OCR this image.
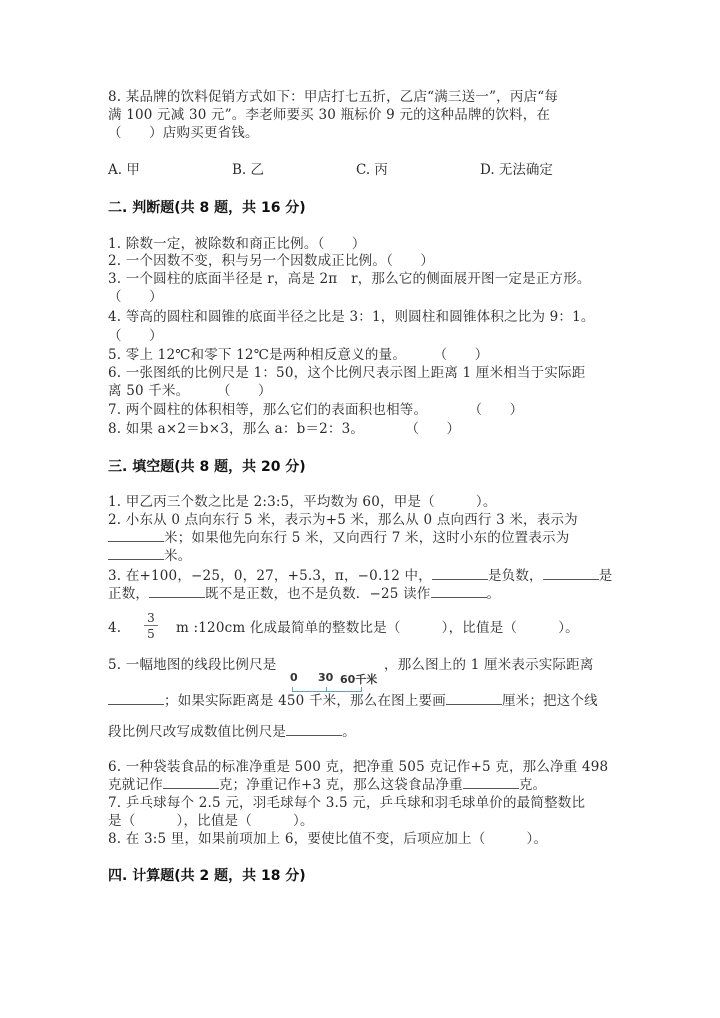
8. 某品牌的饮料促销方式如下：甲店打七五折，乙店“满三送一”，丙店“每
满 100 元减 30 元”。李老师要买 30 瓶标价 9 元的这种品牌的饮料，在
（　　）店购买更省钱。
A. 甲	B. 乙	C. 丙	D. 无法确定
二. 判断题(共 8 题，共 16 分)
1. 除数一定，被除数和商正比例。（　　）
2. 一个因数不变，积与另一个因数成正比例。（　　）
3. 一个圆柱的底面半径是 r，高是 2π　r，那么它的侧面展开图一定是正方形。
（　　）
4. 等高的圆柱和圆锥的底面半径之比是 3：1，则圆柱和圆锥体积之比为 9：1。
（　　）
5. 零上 12℃和零下 12℃是两种相反意义的量。　　　（　　）
6. 一张图纸的比例尺是 1：50，这个比例尺表示图上距离 1 厘米相当于实际距
离 50 千米。　　　（　　）
7. 两个圆柱的体积相等，那么它们的表面积也相等。　　　　（　　）
8. 如果 a×2＝b×3，那么 a：b＝2：3。　　　　（　　）
三. 填空题(共 8 题，共 20 分)
1. 甲乙丙三个数之比是 2:3:5，平均数为 60，甲是（　　　）。
2. 小东从 0 点向东行 5 米，表示为+5 米，那么从 0 点向西行 3 米，表示为
米；如果他先向东行 5 米，又向西行 7 米，这时小东的位置表示为
米。
3. 在+100，−25，0，27，+5.3，π，−0.12 中，	是负数，	是
正数，	既不是正数，也不是负数．−25 读作	。
4.
3
5 m :120cm 化成最简单的整数比是（　　　），比值是（　　　）。
5. 一幅地图的线段比例尺是	，那么图上的 1 厘米表示实际距离
0 30 60千米
；如果实际距离是 450 千米，那么在图上要画	厘米；把这个线
段比例尺改写成数值比例尺是	。
6. 一种袋装食品的标准净重是 500 克，把净重 505 克记作+5 克，那么净重 498
克就记作	克；净重记作+3 克，那么这袋食品净重	克。
7. 乒乓球每个 2.5 元，羽毛球每个 3.5 元，乒乓球和羽毛球单价的最简整数比
是（　　　），比值是（　　　）。
8. 在 3:5 里，如果前项加上 6，要使比值不变，后项应加上（　　　）。
四. 计算题(共 2 题，共 18 分)
